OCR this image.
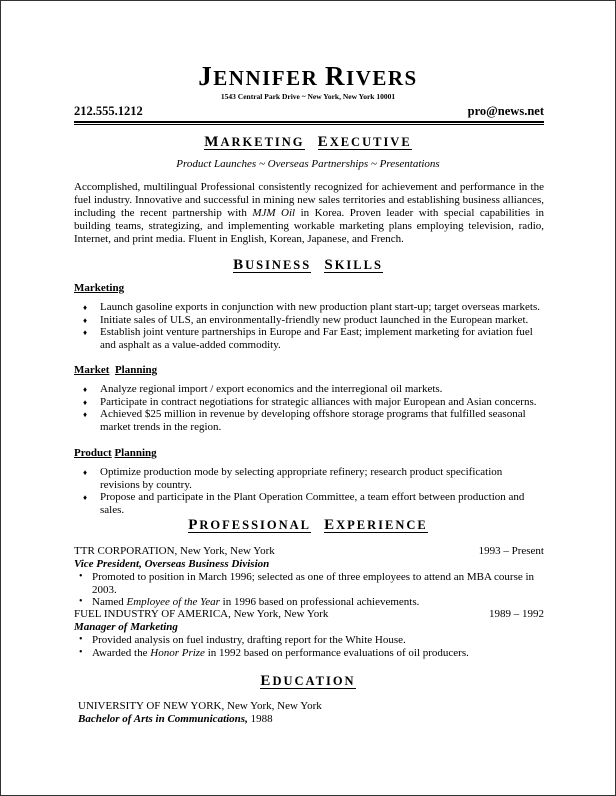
JENNIFER RIVERS
1543 Central Park Drive ~ New York, New York 10001
212.555.1212	pro@news.net
MARKETING EXECUTIVE
Product Launches ~ Overseas Partnerships ~ Presentations
Accomplished, multilingual Professional consistently recognized for achievement and performance in the fuel industry. Innovative and successful in mining new sales territories and establishing business alliances, including the recent partnership with MJM Oil in Korea. Proven leader with special capabilities in building teams, strategizing, and implementing workable marketing plans employing television, radio, Internet, and print media. Fluent in English, Korean, Japanese, and French.
BUSINESS SKILLS
Marketing
♦ Launch gasoline exports in conjunction with new production plant start-up; target overseas markets.
♦ Initiate sales of ULS, an environmentally-friendly new product launched in the European market.
♦ Establish joint venture partnerships in Europe and Far East; implement marketing for aviation fuel and asphalt as a value-added commodity.
Market Planning
♦ Analyze regional import / export economics and the interregional oil markets.
♦ Participate in contract negotiations for strategic alliances with major European and Asian concerns.
♦ Achieved $25 million in revenue by developing offshore storage programs that fulfilled seasonal market trends in the region.
Product Planning
♦ Optimize production mode by selecting appropriate refinery; research product specification revisions by country.
♦ Propose and participate in the Plant Operation Committee, a team effort between production and sales.
PROFESSIONAL EXPERIENCE
TTR CORPORATION, New York, New York	1993 – Present
Vice President, Overseas Business Division
• Promoted to position in March 1996; selected as one of three employees to attend an MBA course in 2003.
• Named Employee of the Year in 1996 based on professional achievements.
FUEL INDUSTRY OF AMERICA, New York, New York	1989 – 1992
Manager of Marketing
• Provided analysis on fuel industry, drafting report for the White House.
• Awarded the Honor Prize in 1992 based on performance evaluations of oil producers.
EDUCATION
UNIVERSITY OF NEW YORK, New York, New York
Bachelor of Arts in Communications, 1988
